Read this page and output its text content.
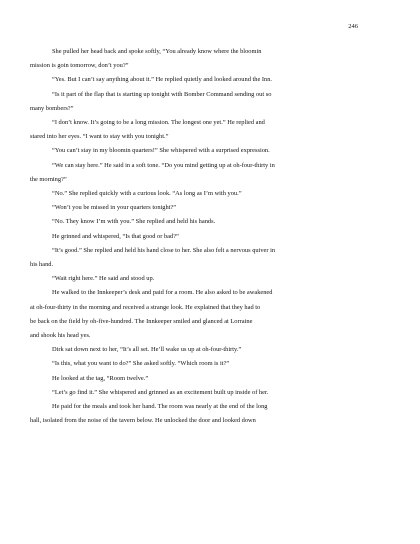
246
She pulled her head back and spoke softly, “You already know where the bloomin
mission is goin tomorrow, don’t you?”
“Yes. But I can’t say anything about it.” He replied quietly and looked around the Inn.
“Is it part of the flap that is starting up tonight with Bomber Command sending out so
many bombers?”
“I don’t know. It’s going to be a long mission. The longest one yet.” He replied and
stared into her eyes. “I want to stay with you tonight.”
“You can’t stay in my bloomin quarters!” She whispered with a surprised expression.
“We can stay here.” He said in a soft tone. “Do you mind getting up at oh-four-thirty in
the morning?”
“No.” She replied quickly with a curious look. “As long as I’m with you.”
“Won’t you be missed in your quarters tonight?”
“No. They know I’m with you.” She replied and held his hands.
He grinned and whispered, “Is that good or bad?”
“It’s good.” She replied and held his hand close to her. She also felt a nervous quiver in
his hand.
“Wait right here.” He said and stood up.
He walked to the Innkeeper’s desk and paid for a room. He also asked to be awakened
at oh-four-thirty in the morning and received a strange look. He explained that they had to
be back on the field by oh-five-hundred. The Innkeeper smiled and glanced at Lorraine
and shook his head yes.
Dirk sat down next to her, “It’s all set. He’ll wake us up at oh-four-thirty.”
“Is this, what you want to do?” She asked softly. “Which room is it?”
He looked at the tag, “Room twelve.”
“Let’s go find it.” She whispered and grinned as an excitement built up inside of her.
He paid for the meals and took her hand. The room was nearly at the end of the long
hall, isolated from the noise of the tavern below. He unlocked the door and looked down
